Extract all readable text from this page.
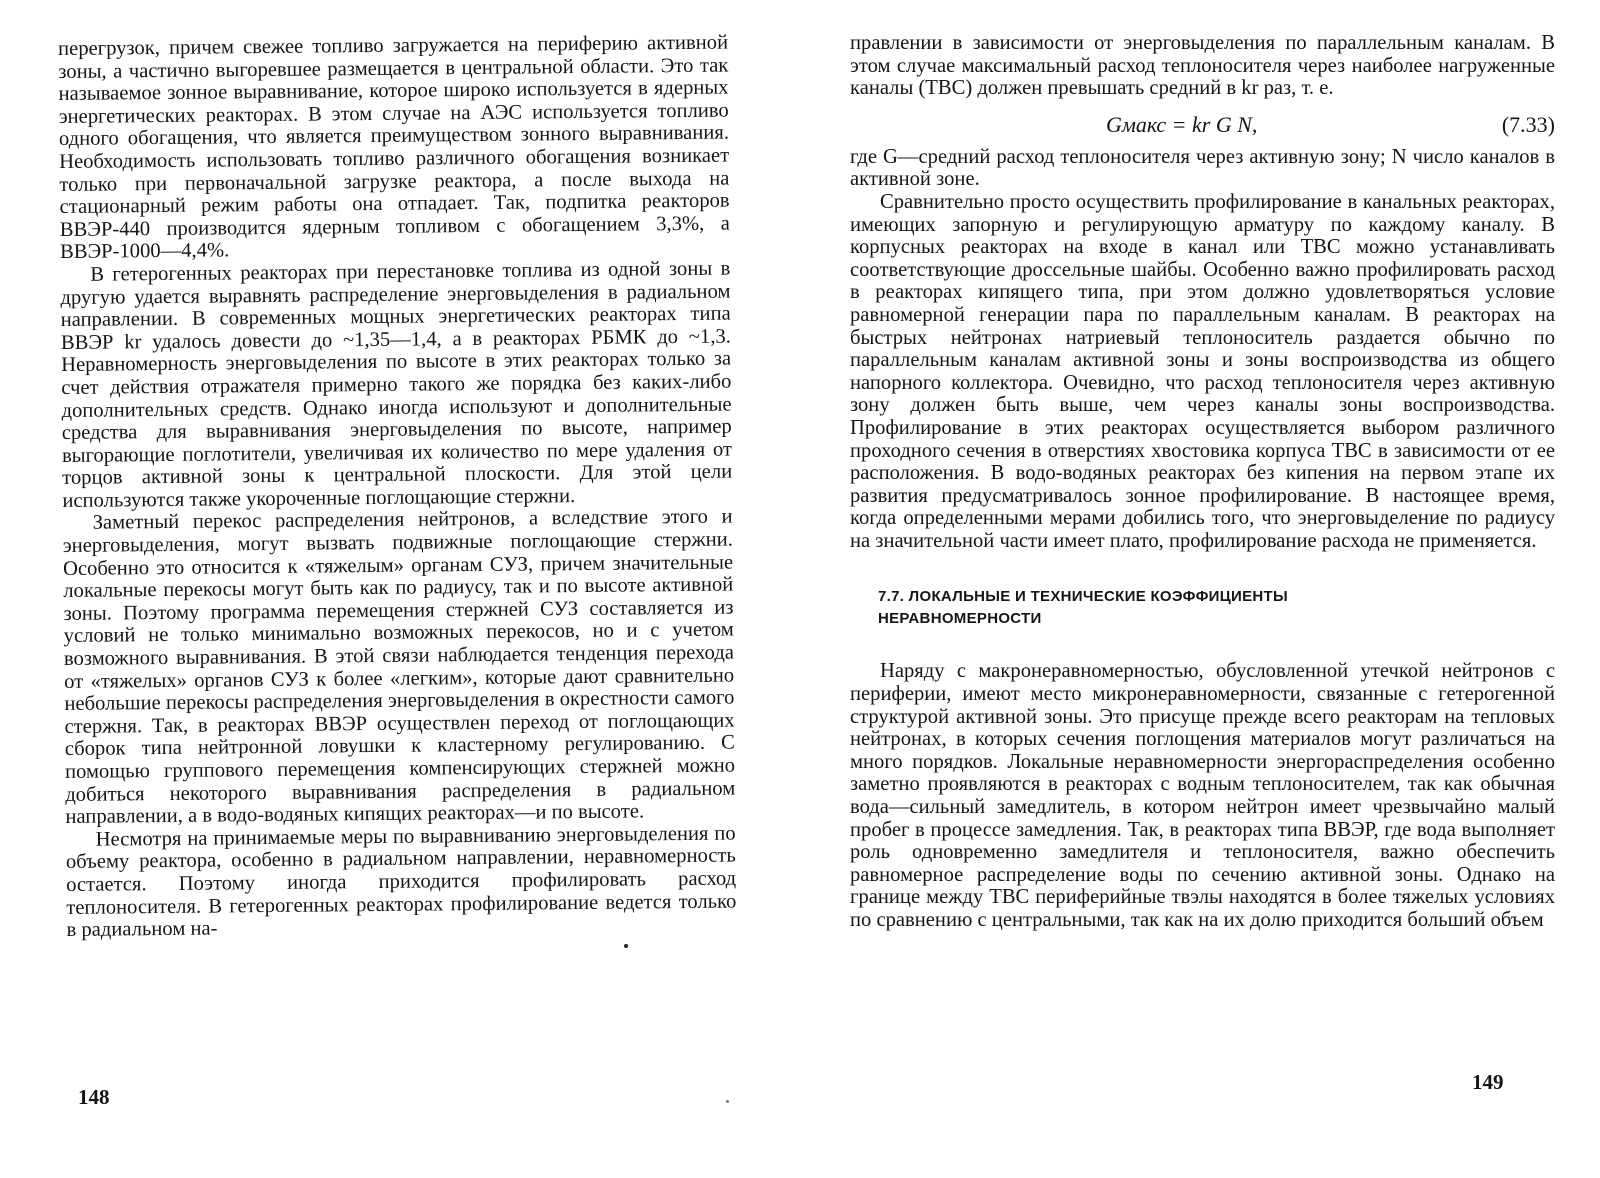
перегрузок, причем свежее топливо загружается на периферию активной зоны, а частично выгоревшее размещается в центральной области. Это так называемое зонное выравнивание, которое широко используется в ядерных энергетических реакторах. В этом случае на АЭС используется топливо одного обогащения, что является преимуществом зонного выравнивания. Необходимость использовать топливо различного обогащения возникает только при первоначальной загрузке реактора, а после выхода на стационарный режим работы она отпадает. Так, подпитка реакторов ВВЭР-440 производится ядерным топливом с обогащением 3,3%, а ВВЭР-1000—4,4%.

В гетерогенных реакторах при перестановке топлива из одной зоны в другую удается выравнять распределение энерговыделения в радиальном направлении. В современных мощных энергетических реакторах типа ВВЭР kr удалось довести до ~1,35—1,4, а в реакторах РБМК до ~1,3. Неравномерность энерговыделения по высоте в этих реакторах только за счет действия отражателя примерно такого же порядка без каких-либо дополнительных средств. Однако иногда используют и дополнительные средства для выравнивания энерговыделения по высоте, например выгорающие поглотители, увеличивая их количество по мере удаления от торцов активной зоны к центральной плоскости. Для этой цели используются также укороченные поглощающие стержни.

Заметный перекос распределения нейтронов, а вследствие этого и энерговыделения, могут вызвать подвижные поглощающие стержни. Особенно это относится к «тяжелым» органам СУЗ, причем значительные локальные перекосы могут быть как по радиусу, так и по высоте активной зоны. Поэтому программа перемещения стержней СУЗ составляется из условий не только минимально возможных перекосов, но и с учетом возможного выравнивания. В этой связи наблюдается тенденция перехода от «тяжелых» органов СУЗ к более «легким», которые дают сравнительно небольшие перекосы распределения энерговыделения в окрестности самого стержня. Так, в реакторах ВВЭР осуществлен переход от поглощающих сборок типа нейтронной ловушки к кластерному регулированию. С помощью группового перемещения компенсирующих стержней можно добиться некоторого выравнивания распределения в радиальном направлении, а в водо-водяных кипящих реакторах—и по высоте.

Несмотря на принимаемые меры по выравниванию энерговыделения по объему реактора, особенно в радиальном направлении, неравномерность остается. Поэтому иногда приходится профилировать расход теплоносителя. В гетерогенных реакторах профилирование ведется только в радиальном на-

148

правлении в зависимости от энерговыделения по параллельным каналам. В этом случае максимальный расход теплоносителя через наиболее нагруженные каналы (ТВС) должен превышать средний в kr раз, т. е.

Gмакс = kr G N,	(7.33)

где G—средний расход теплоносителя через активную зону; N число каналов в активной зоне.

Сравнительно просто осуществить профилирование в канальных реакторах, имеющих запорную и регулирующую арматуру по каждому каналу. В корпусных реакторах на входе в канал или ТВС можно устанавливать соответствующие дроссельные шайбы. Особенно важно профилировать расход в реакторах кипящего типа, при этом должно удовлетворяться условие равномерной генерации пара по параллельным каналам. В реакторах на быстрых нейтронах натриевый теплоноситель раздается обычно по параллельным каналам активной зоны и зоны воспроизводства из общего напорного коллектора. Очевидно, что расход теплоносителя через активную зону должен быть выше, чем через каналы зоны воспроизводства. Профилирование в этих реакторах осуществляется выбором различного проходного сечения в отверстиях хвостовика корпуса ТВС в зависимости от ее расположения. В водо-водяных реакторах без кипения на первом этапе их развития предусматривалось зонное профилирование. В настоящее время, когда определенными мерами добились того, что энерговыделение по радиусу на значительной части имеет плато, профилирование расхода не применяется.

7.7. ЛОКАЛЬНЫЕ И ТЕХНИЧЕСКИЕ КОЭФФИЦИЕНТЫ
НЕРАВНОМЕРНОСТИ

Наряду с макронеравномерностью, обусловленной утечкой нейтронов с периферии, имеют место микронеравномерности, связанные с гетерогенной структурой активной зоны. Это присуще прежде всего реакторам на тепловых нейтронах, в которых сечения поглощения материалов могут различаться на много порядков. Локальные неравномерности энергораспределения особенно заметно проявляются в реакторах с водным теплоносителем, так как обычная вода—сильный замедлитель, в котором нейтрон имеет чрезвычайно малый пробег в процессе замедления. Так, в реакторах типа ВВЭР, где вода выполняет роль одновременно замедлителя и теплоносителя, важно обеспечить равномерное распределение воды по сечению активной зоны. Однако на границе между ТВС периферийные твэлы находятся в более тяжелых условиях по сравнению с центральными, так как на их долю приходится больший объем

149
